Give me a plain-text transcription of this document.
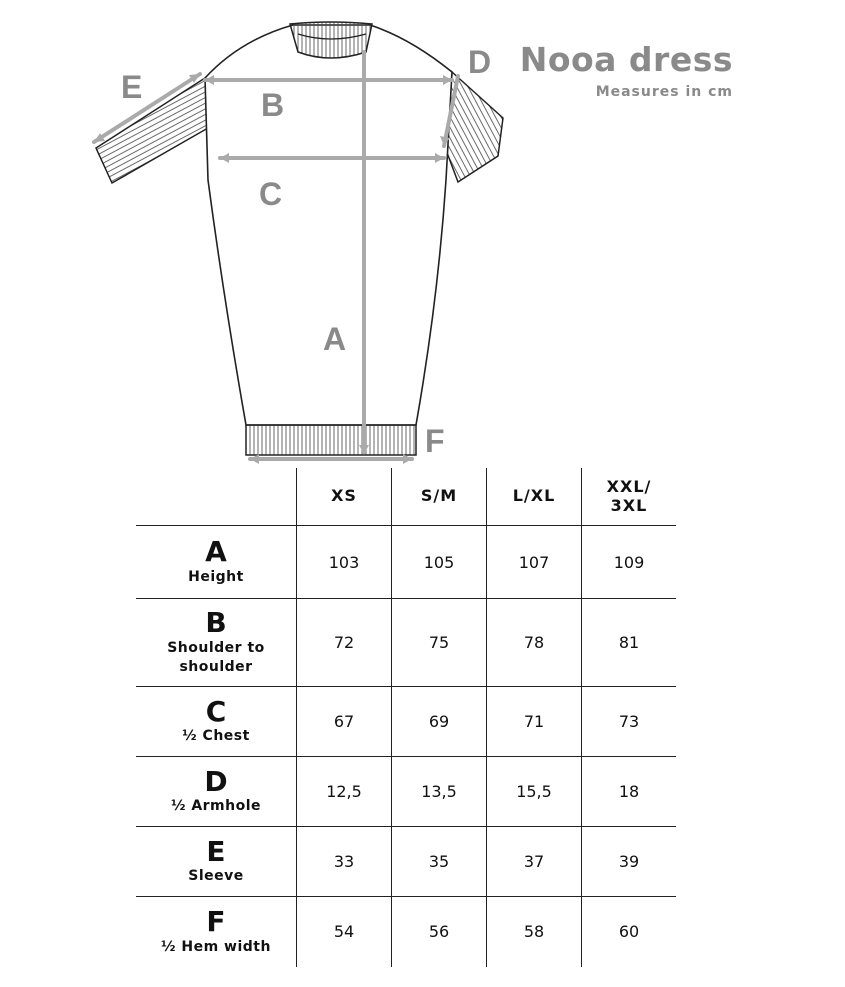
A
B
C
D
E
F
Nooa dress
Measures in cm
	XS	S/M	L/XL	XXL/
3XL

A
Height	103	105	107	109

B
Shoulder to shoulder	72	75	78	81

C
½ Chest	67	69	71	73

D
½ Armhole	12,5	13,5	15,5	18

E
Sleeve	33	35	37	39

F
½ Hem width	54	56	58	60
